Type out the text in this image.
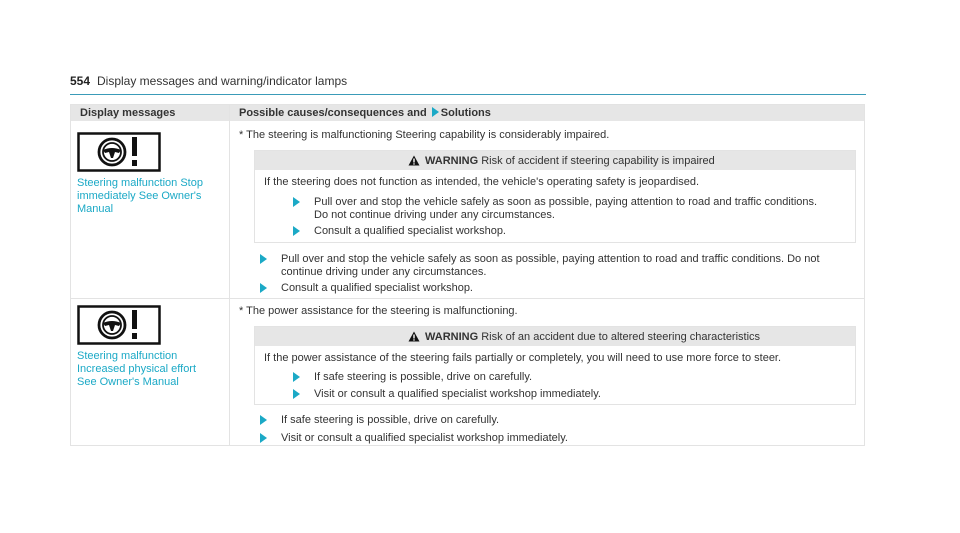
554 Display messages and warning/indicator lamps
Display messages	Possible causes/consequences and Solutions
Steering malfunction Stop
immediately See Owner's
Manual
* The steering is malfunctioning Steering capability is considerably impaired.
WARNING Risk of accident if steering capability is impaired
If the steering does not function as intended, the vehicle's operating safety is jeopardised.
Pull over and stop the vehicle safely as soon as possible, paying attention to road and traffic conditions.
Do not continue driving under any circumstances.
Consult a qualified specialist workshop.
Pull over and stop the vehicle safely as soon as possible, paying attention to road and traffic conditions. Do not
continue driving under any circumstances.
Consult a qualified specialist workshop.
Steering malfunction
Increased physical effort
See Owner's Manual
* The power assistance for the steering is malfunctioning.
WARNING Risk of an accident due to altered steering characteristics
If the power assistance of the steering fails partially or completely, you will need to use more force to steer.
If safe steering is possible, drive on carefully.
Visit or consult a qualified specialist workshop immediately.
If safe steering is possible, drive on carefully.
Visit or consult a qualified specialist workshop immediately.
